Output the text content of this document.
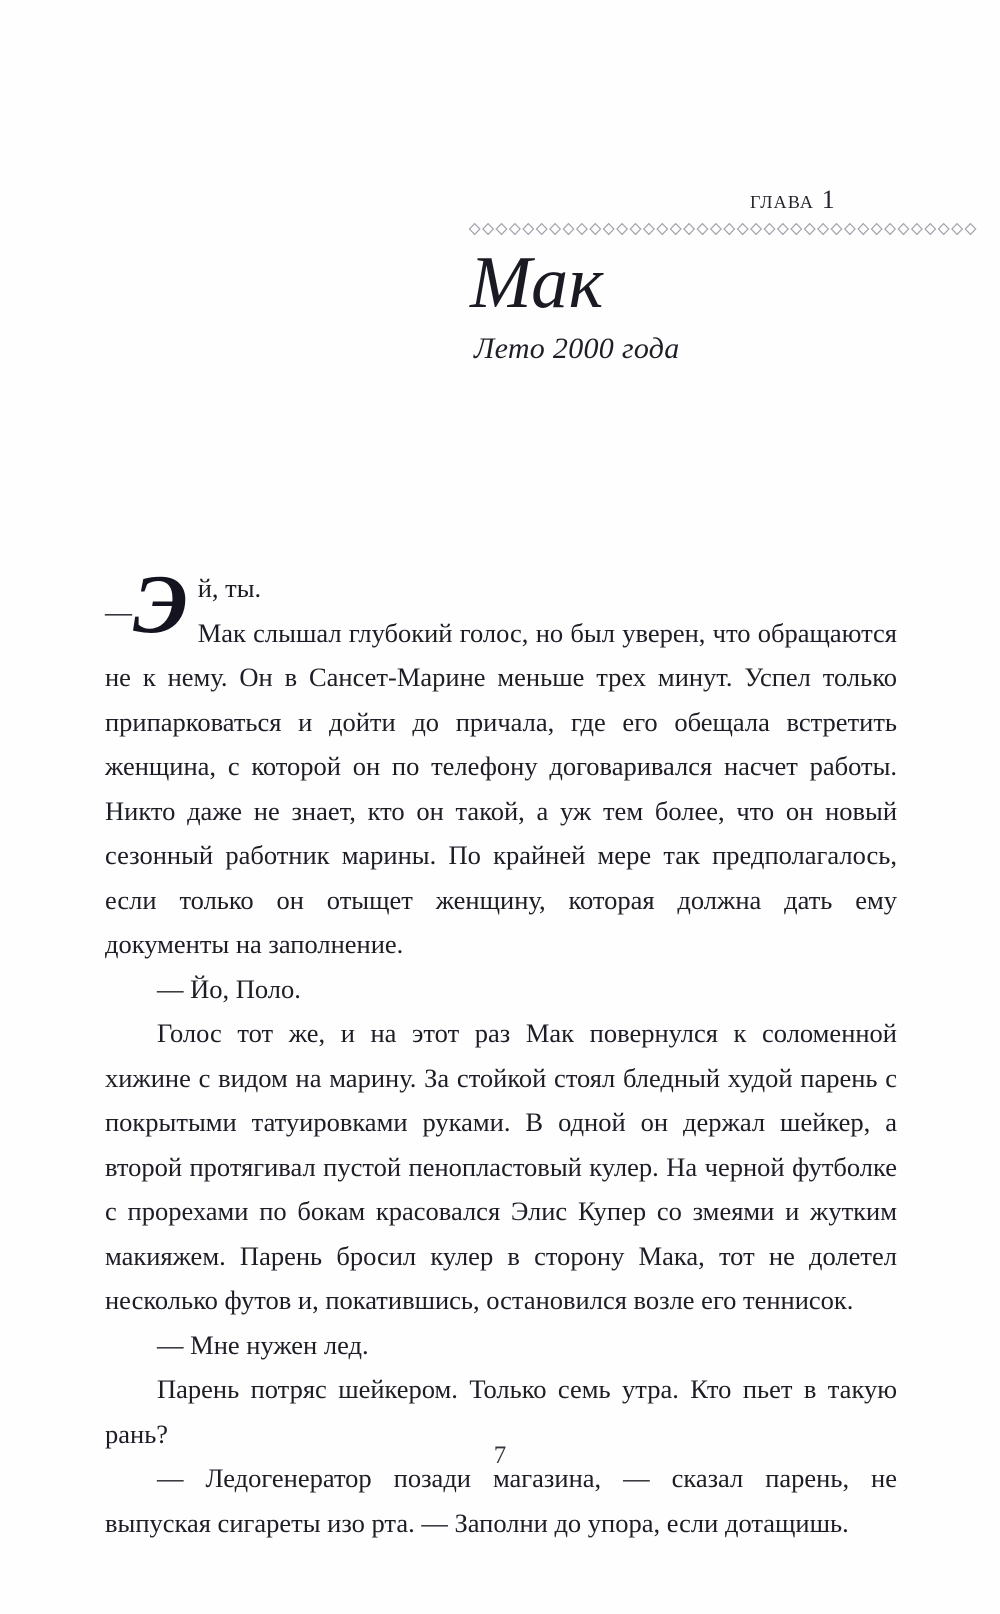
глава 1
Мак
Лето 2000 года

— Э й, ты.
Мак слышал глубокий голос, но был уверен, что обращаются не к нему. Он в Сансет-Марине меньше трех минут. Успел только припарковаться и дойти до причала, где его обещала встретить женщина, с которой он по телефону договаривался насчет работы. Никто даже не знает, кто он такой, а уж тем более, что он новый сезонный работник марины. По крайней мере так предполагалось, если только он отыщет женщину, которая должна дать ему документы на заполнение.

— Йо, Поло.

Голос тот же, и на этот раз Мак повернулся к соломенной хижине с видом на марину. За стойкой стоял бледный худой парень с покрытыми татуировками руками. В одной он держал шейкер, а второй протягивал пустой пенопластовый кулер. На черной футболке с прорехами по бокам красовался Элис Купер со змеями и жутким макияжем. Парень бросил кулер в сторону Мака, тот не долетел несколько футов и, покатившись, остановился возле его теннисок.

— Мне нужен лед.

Парень потряс шейкером. Только семь утра. Кто пьет в такую рань?

— Ледогенератор позади магазина, — сказал парень, не выпуская сигареты изо рта. — Заполни до упора, если дотащишь.

7
